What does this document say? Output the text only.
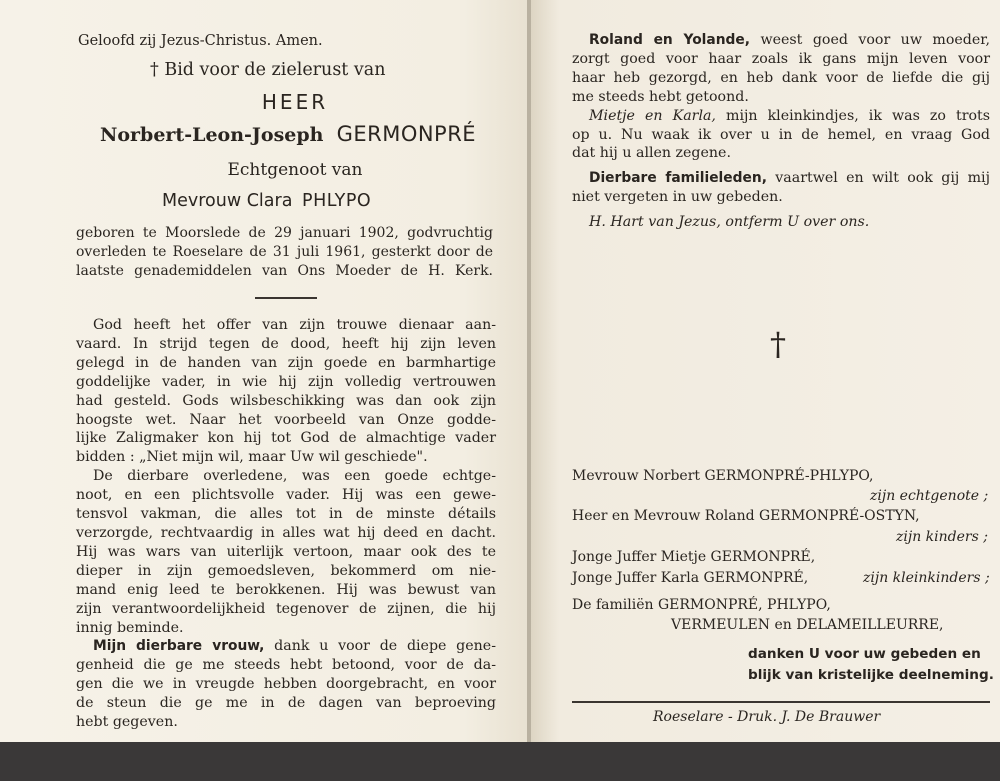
Geloofd zij Jezus-Christus. Amen.
† Bid voor de zielerust van
HEER
Norbert-Leon-Joseph GERMONPRÉ
Echtgenoot van
Mevrouw Clara PHLYPO

geboren te Moorslede de 29 januari 1902, godvruchtig

overleden te Roeselare de 31 juli 1961, gesterkt door de

laatste genademiddelen van Ons Moeder de H. Kerk.

God heeft het offer van zijn trouwe dienaar aan-

vaard. In strijd tegen de dood, heeft hij zijn leven

gelegd in de handen van zijn goede en barmhartige

goddelijke vader, in wie hij zijn volledig vertrouwen

had gesteld. Gods wilsbeschikking was dan ook zijn

hoogste wet. Naar het voorbeeld van Onze godde-

lijke Zaligmaker kon hij tot God de almachtige vader

bidden : „Niet mijn wil, maar Uw wil geschiede".

De dierbare overledene, was een goede echtge-

noot, en een plichtsvolle vader. Hij was een gewe-

tensvol vakman, die alles tot in de minste détails

verzorgde, rechtvaardig in alles wat hij deed en dacht.

Hij was wars van uiterlijk vertoon, maar ook des te

dieper in zijn gemoedsleven, bekommerd om nie-

mand enig leed te berokkenen. Hij was bewust van

zijn verantwoordelijkheid tegenover de zijnen, die hij

innig beminde.

Mijn dierbare vrouw, dank u voor de diepe gene-

genheid die ge me steeds hebt betoond, voor de da-

gen die we in vreugde hebben doorgebracht, en voor

de steun die ge me in de dagen van beproeving

hebt gegeven.

Roland en Yolande, weest goed voor uw moeder,

zorgt goed voor haar zoals ik gans mijn leven voor

haar heb gezorgd, en heb dank voor de liefde die gij

me steeds hebt getoond.

Mietje en Karla, mijn kleinkindjes, ik was zo trots

op u. Nu waak ik over u in de hemel, en vraag God

dat hij u allen zegene.

Dierbare familieleden, vaartwel en wilt ook gij mij

niet vergeten in uw gebeden.

H. Hart van Jezus, ontferm U over ons.

†
Mevrouw Norbert GERMONPRÉ-PHLYPO,
zijn echtgenote ;
Heer en Mevrouw Roland GERMONPRÉ-OSTYN,
zijn kinders ;
Jonge Juffer Mietje GERMONPRÉ,
Jonge Juffer Karla GERMONPRÉ,	zijn kleinkinders ;
De familiën GERMONPRÉ, PHLYPO,
VERMEULEN en DELAMEILLEURRE,
danken U voor uw gebeden en
blijk van kristelijke deelneming.
Roeselare - Druk. J. De Brauwer
